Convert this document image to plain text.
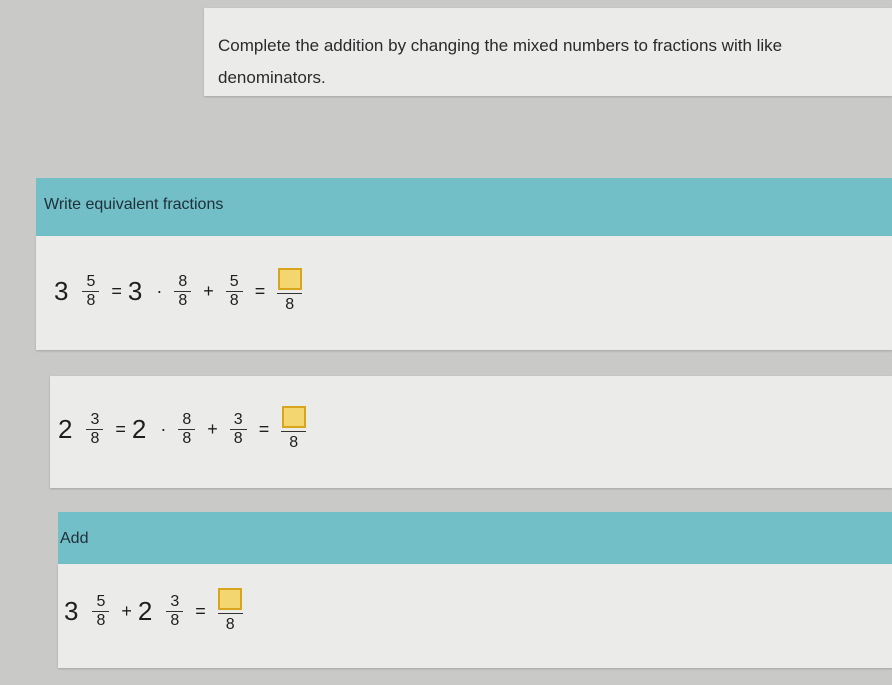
Complete the addition by changing the mixed numbers to fractions with like denominators.
Write equivalent fractions
$3 \frac{5}{8} = 3 \cdot \frac{8}{8} + \frac{5}{8}$ =
8
$2 \frac{3}{8} = 2 \cdot \frac{8}{8} + \frac{3}{8}$ =
8
Add
$3 \frac{5}{8} + 2 \frac{3}{8}$ =
8
